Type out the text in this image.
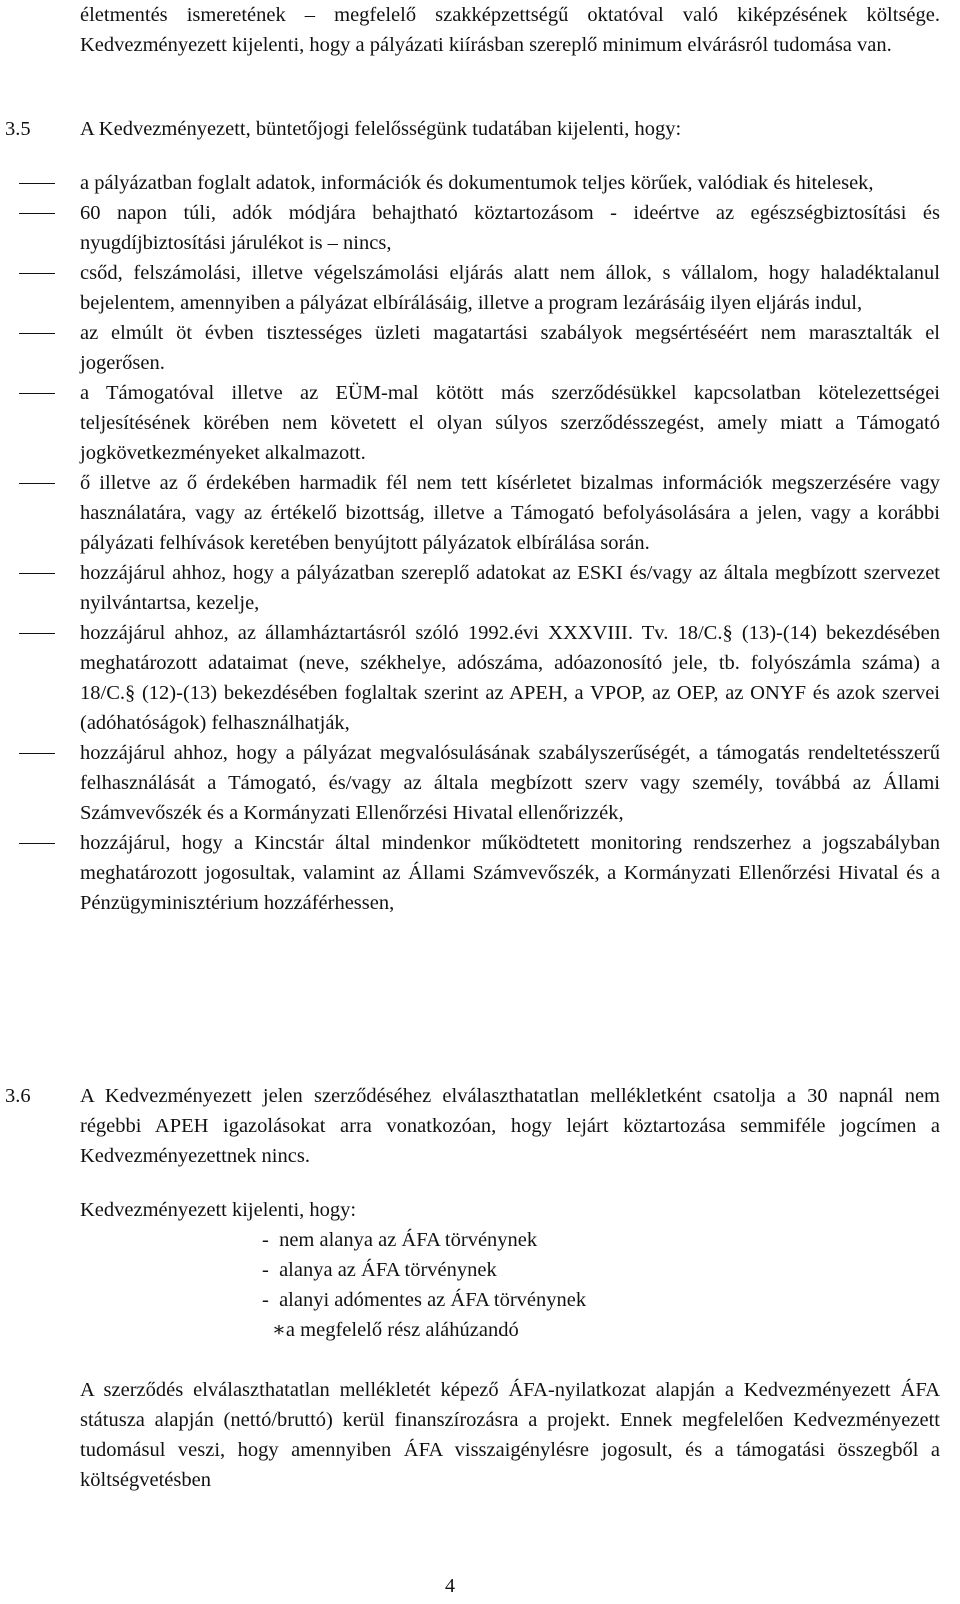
életmentés ismeretének – megfelelő szakképzettségű oktatóval való kiképzésének költsége. Kedvezményezett kijelenti, hogy a pályázati kiírásban szereplő minimum elvárásról tudomása van.
3.5	A Kedvezményezett, büntetőjogi felelősségünk tudatában kijelenti, hogy:
a pályázatban foglalt adatok, információk és dokumentumok teljes körűek, valódiak és hitelesek,
60 napon túli, adók módjára behajtható köztartozásom - ideértve az egészségbiztosítási és nyugdíjbiztosítási járulékot is – nincs,
csőd, felszámolási, illetve végelszámolási eljárás alatt nem állok, s vállalom, hogy haladéktalanul bejelentem, amennyiben a pályázat elbírálásáig, illetve a program lezárásáig ilyen eljárás indul,
az elmúlt öt évben tisztességes üzleti magatartási szabályok megsértéséért nem marasztalták el jogerősen.
a Támogatóval illetve az EÜM-mal kötött más szerződésükkel kapcsolatban kötelezettségei teljesítésének körében nem követett el olyan súlyos szerződésszegést, amely miatt a Támogató jogkövetkezményeket alkalmazott.
ő illetve az ő érdekében harmadik fél nem tett kísérletet bizalmas információk megszerzésére vagy használatára, vagy az értékelő bizottság, illetve a Támogató befolyásolására a jelen, vagy a korábbi pályázati felhívások keretében benyújtott pályázatok elbírálása során.
hozzájárul ahhoz, hogy a pályázatban szereplő adatokat az ESKI és/vagy az általa megbízott szervezet nyilvántartsa, kezelje,
hozzájárul ahhoz, az államháztartásról szóló 1992.évi XXXVIII. Tv. 18/C.§ (13)-(14) bekezdésében meghatározott adataimat (neve, székhelye, adószáma, adóazonosító jele, tb. folyószámla száma) a 18/C.§ (12)-(13) bekezdésében foglaltak szerint az APEH, a VPOP, az OEP, az ONYF és azok szervei (adóhatóságok) felhasználhatják,
hozzájárul ahhoz, hogy a pályázat megvalósulásának szabályszerűségét, a támogatás rendeltetésszerű felhasználását a Támogató, és/vagy az általa megbízott szerv vagy személy, továbbá az Állami Számvevőszék és a Kormányzati Ellenőrzési Hivatal ellenőrizzék,
hozzájárul, hogy a Kincstár által mindenkor működtetett monitoring rendszerhez a jogszabályban meghatározott jogosultak, valamint az Állami Számvevőszék, a Kormányzati Ellenőrzési Hivatal és a Pénzügyminisztérium hozzáférhessen,
3.6	A Kedvezményezett jelen szerződéséhez elválaszthatatlan mellékletként csatolja a 30 napnál nem régebbi APEH igazolásokat arra vonatkozóan, hogy lejárt köztartozása semmiféle jogcímen a Kedvezményezettnek nincs.
Kedvezményezett kijelenti, hogy:
-  nem alanya az ÁFA törvénynek
-  alanya az ÁFA törvénynek
-  alanyi adómentes az ÁFA törvénynek
∗a megfelelő rész aláhúzandó
A szerződés elválaszthatatlan mellékletét képező ÁFA-nyilatkozat alapján a Kedvezményezett ÁFA státusza alapján (nettó/bruttó) kerül finanszírozásra a projekt. Ennek megfelelően Kedvezményezett tudomásul veszi, hogy amennyiben ÁFA visszaigénylésre jogosult, és a támogatási összegből a költségvetésben
4
